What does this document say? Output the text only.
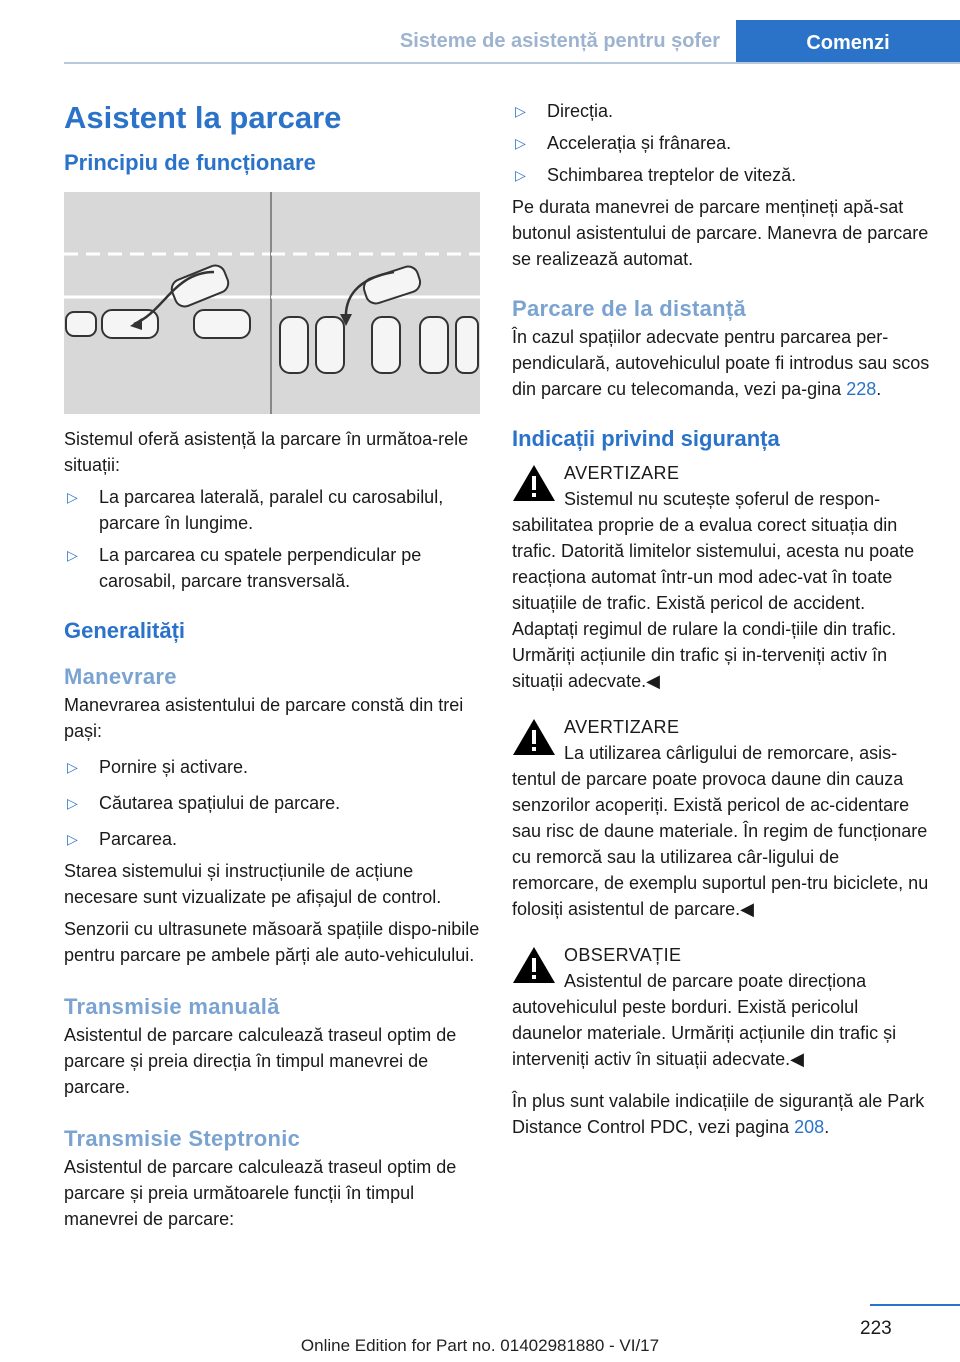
Sisteme de asistență pentru șofer	Comenzi
Asistent la parcare
Principiu de funcționare

Sistemul oferă asistență la parcare în următoa-rele situații:

▷ La parcarea laterală, paralel cu carosabilul, parcare în lungime.
▷ La parcarea cu spatele perpendicular pe carosabil, parcare transversală.
Generalități
Manevrare

Manevrarea asistentului de parcare constă din trei pași:

▷ Pornire și activare.
▷ Căutarea spațiului de parcare.
▷ Parcarea.

Starea sistemului și instrucțiunile de acțiune necesare sunt vizualizate pe afișajul de control.

Senzorii cu ultrasunete măsoară spațiile dispo-nibile pentru parcare pe ambele părți ale auto-vehiculului.

Transmisie manuală

Asistentul de parcare calculează traseul optim de parcare și preia direcția în timpul manevrei de parcare.

Transmisie Steptronic

Asistentul de parcare calculează traseul optim de parcare și preia următoarele funcții în timpul manevrei de parcare:

▷ Direcția.
▷ Accelerația și frânarea.
▷ Schimbarea treptelor de viteză.

Pe durata manevrei de parcare mențineți apă-sat butonul asistentului de parcare. Manevra de parcare se realizează automat.

Parcare de la distanță

În cazul spațiilor adecvate pentru parcarea per-pendiculară, autovehiculul poate fi introdus sau scos din parcare cu telecomanda, vezi pa-gina 228.

Indicații privind siguranța
AVERTIZARE

Sistemul nu scutește șoferul de respon-sabilitatea proprie de a evalua corect situația din trafic. Datorită limitelor sistemului, acesta nu poate reacționa automat într-un mod adec-vat în toate situațiile de trafic. Există pericol de accident. Adaptați regimul de rulare la condi-țiile din trafic. Urmăriți acțiunile din trafic și in-terveniți activ în situații adecvate.◀

AVERTIZARE

La utilizarea cârligului de remorcare, asis-tentul de parcare poate provoca daune din cauza senzorilor acoperiți. Există pericol de ac-cidentare sau risc de daune materiale. În regim de funcționare cu remorcă sau la utilizarea câr-ligului de remorcare, de exemplu suportul pen-tru biciclete, nu folosiți asistentul de parcare.◀

OBSERVAȚIE

Asistentul de parcare poate direcționa autovehiculul peste borduri. Există pericolul daunelor materiale. Urmăriți acțiunile din trafic și interveniți activ în situații adecvate.◀

În plus sunt valabile indicațiile de siguranță ale Park Distance Control PDC, vezi pagina 208.

223
Online Edition for Part no. 01402981880 - VI/17
